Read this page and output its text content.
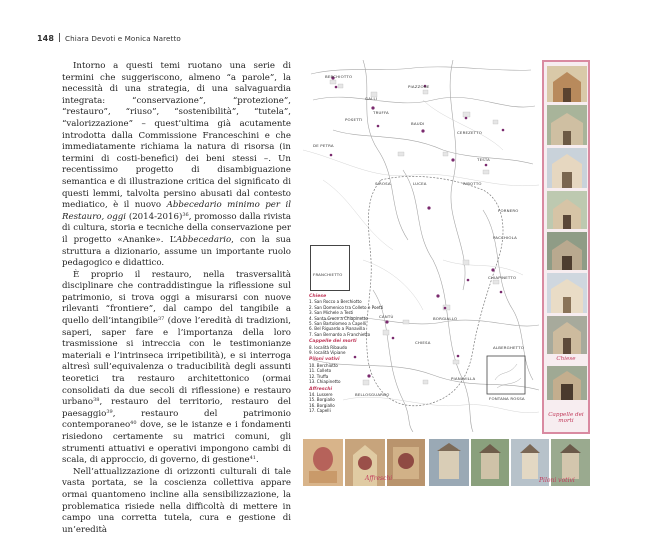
148 Chiara Devoti e Monica Naretto

Intorno a questi temi ruotano una serie di termini che suggeriscono, almeno “a parole”, la necessità di una strategia, di una salvaguardia integrata: “conservazione”, “protezione”, “restauro”, “riuso”, “sostenibilità”, “tutela”, “valorizzazione” – quest’ultima già acutamente introdotta dalla Commissione Franceschini e che immediatamente richiama la natura di risorsa (in termini di costi-benefici) dei beni stessi –. Un recentissimo progetto di disambiguazione semantica e di illustrazione critica del significato di questi lemmi, talvolta persino abusati dal contesto mediatico, è il nuovo Abbecedario minimo per il Restauro, oggi (2014-2016)$^{36}$, promosso dalla rivista di cultura, storia e tecniche della conservazione per il progetto «Ananke». L’Abbecedario, con la sua struttura a dizionario, assume un importante ruolo pedagogico e didattico.

È proprio il restauro, nella trasversalità disciplinare che contraddistingue la riflessione sul patrimonio, si trova oggi a misurarsi con nuove rilevanti “frontiere”, dal campo del tangibile a quello dell’intangibile$^{37}$ (dove l’eredità di tradizioni, saperi, saper fare e l’importanza della loro trasmissione si intreccia con le testimonianze materiali e l’intrinseca irripetibilità), e si interroga altresì sull’equivalenza o traducibilità degli assunti teoretici tra restauro architettonico (ormai consolidati da due secoli di riflessione) e restauro urbano$^{38}$, restauro del territorio, restauro del paesaggio$^{39}$, restauro del patrimonio contemporaneo$^{40}$ dove, se le istanze e i fondamenti risiedono certamente su matrici comuni, gli strumenti attuativi e operativi impongono cambi di scala, di approccio, di governo, di gestione$^{41}$.

Nell’attualizzazione di orizzonti culturali di tale vasta portata, se la coscienza collettiva appare ormai quantomeno incline alla sensibilizzazione, la problematica risiede nella difficoltà di mettere in campo una corretta tutela, cura e gestione di un’eredità

BERCHIOTTO
GALLI
PIAZZONE
TRUFFA
POSETTI
BAUDI
DE PETRA
CEREZETTO
TESTA
LUCEA	RIBOTTO
SIROSA
FORNERO
FRANCHIETTO
PACCHIOLA
CHIAPINETTO
BORGIALLO
CANTÙ
CHIESA
ALBERGHETTO
PIANAVILLA
FONTANA ROSSA
BELLOSGUARDO
Chiese
1. San Rocco a Berchiotto
2. San Domenico tra Colleto e Poetti
3. San Michele a Testi
4. Santa Croce a Chiapinetto
5. San Bartolomeo a Capelli
6. Bel Riguardo a Pianavilla
7. San Bernardo a Franchietto
Cappelle dei morti
8. località Ribaudo
9. località Vipiane
Piloni votivi
10. Berchiotto
11. Colleto
12. Truffa
13. Chiapinetto
Affreschi
14. Lussere
15. Borgiallo
16. Borgiallo
17. Capelli
Chiese
Cappelle dei morti
Affreschi	Piloni votivi
